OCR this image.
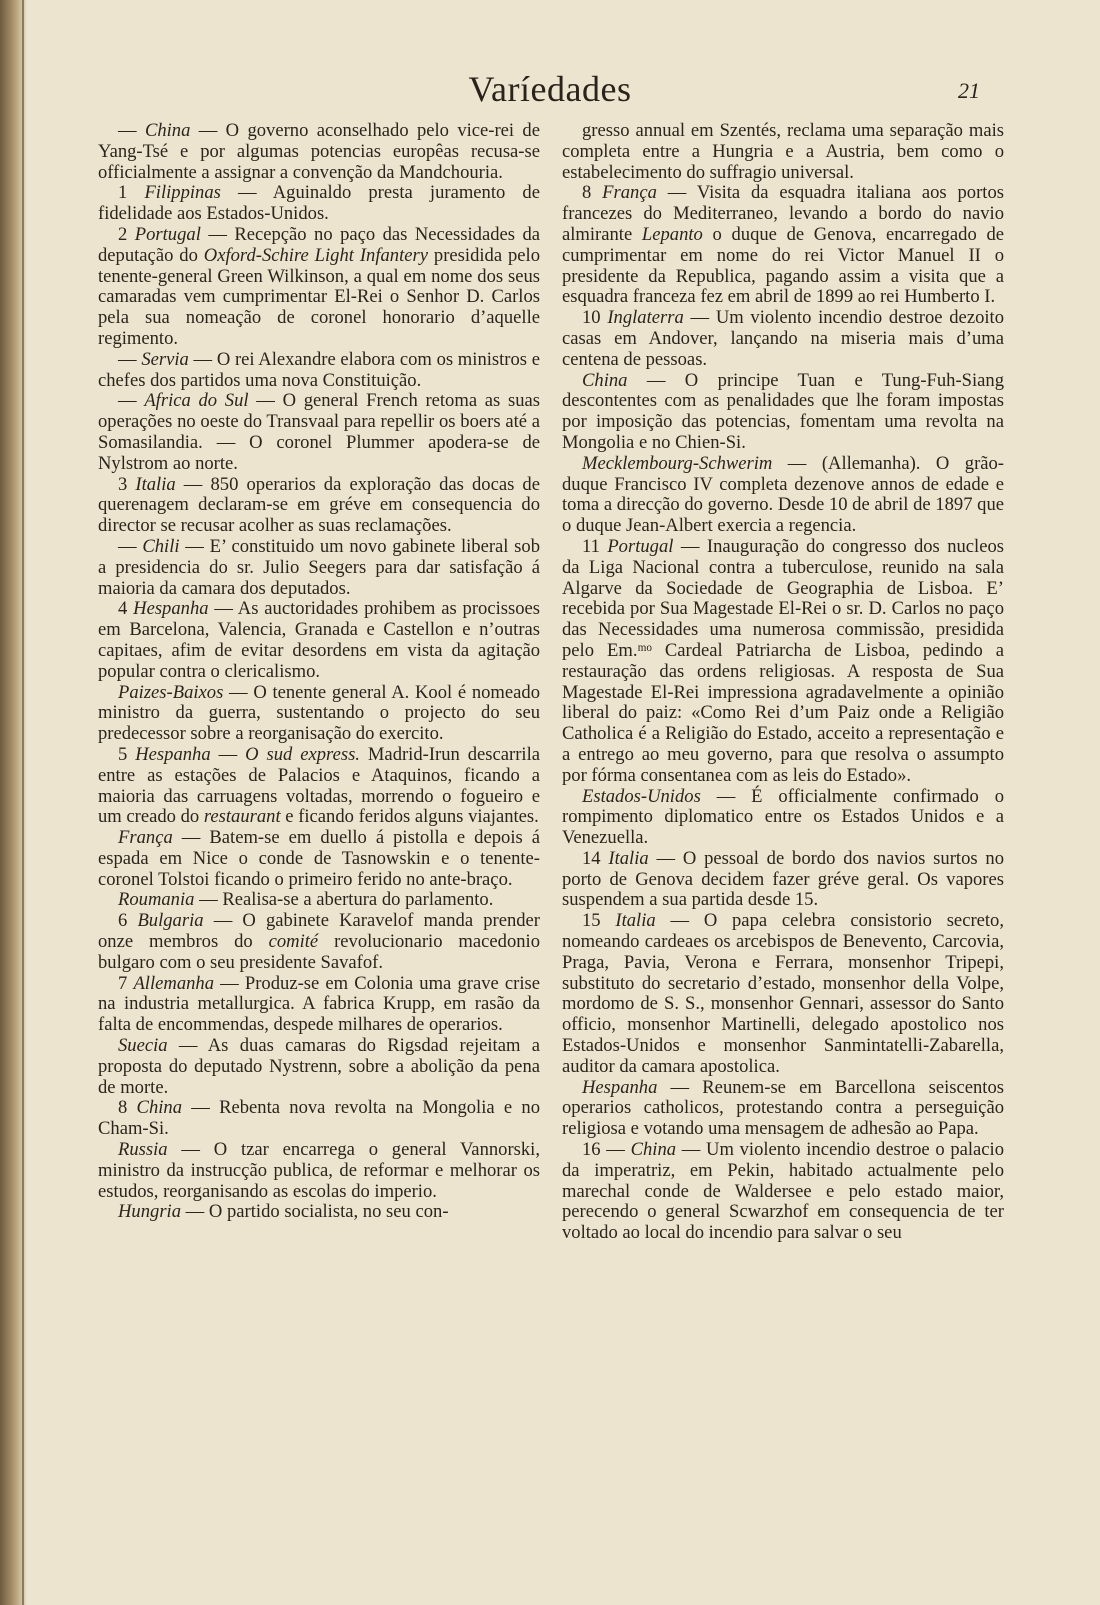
Varíedades	21

— China — O governo aconselhado pelo vice-rei de Yang-Tsé e por algumas potencias europêas recusa-se officialmente a assignar a convenção da Mandchouria.

1 Filippinas — Aguinaldo presta juramento de fidelidade aos Estados-Unidos.

2 Portugal — Recepção no paço das Necessidades da deputação do Oxford-Schire Light Infantery presidida pelo tenente-general Green Wilkinson, a qual em nome dos seus camaradas vem cumprimentar El-Rei o Senhor D. Carlos pela sua nomeação de coronel honorario d’aquelle regimento.

— Servia — O rei Alexandre elabora com os ministros e chefes dos partidos uma nova Constituição.

— Africa do Sul — O general French retoma as suas operações no oeste do Transvaal para repellir os boers até a Somasilandia. — O coronel Plummer apodera-se de Nylstrom ao norte.

3 Italia — 850 operarios da exploração das docas de querenagem declaram-se em gréve em consequencia do director se recusar acolher as suas reclamações.

— Chili — E’ constituido um novo gabinete liberal sob a presidencia do sr. Julio Seegers para dar satisfação á maioria da camara dos deputados.

4 Hespanha — As auctoridades prohibem as procissoes em Barcelona, Valencia, Granada e Castellon e n’outras capitaes, afim de evitar desordens em vista da agitação popular contra o clericalismo.

Paizes-Baixos — O tenente general A. Kool é nomeado ministro da guerra, sustentando o projecto do seu predecessor sobre a reorganisação do exercito.

5 Hespanha — O sud express. Madrid-Irun descarrila entre as estações de Palacios e Ataquinos, ficando a maioria das carruagens voltadas, morrendo o fogueiro e um creado do restaurant e ficando feridos alguns viajantes.

França — Batem-se em duello á pistolla e depois á espada em Nice o conde de Tasnowskin e o tenente-coronel Tolstoi ficando o primeiro ferido no ante-braço.

Roumania — Realisa-se a abertura do parlamento.

6 Bulgaria — O gabinete Karavelof manda prender onze membros do comité revolucionario macedonio bulgaro com o seu presidente Savafof.

7 Allemanha — Produz-se em Colonia uma grave crise na industria metallurgica. A fabrica Krupp, em rasão da falta de encommendas, despede milhares de operarios.

Suecia — As duas camaras do Rigsdad rejeitam a proposta do deputado Nystrenn, sobre a abolição da pena de morte.

8 China — Rebenta nova revolta na Mongolia e no Cham-Si.

Russia — O tzar encarrega o general Vannorski, ministro da instrucção publica, de reformar e melhorar os estudos, reorganisando as escolas do imperio.

Hungria — O partido socialista, no seu con-

gresso annual em Szentés, reclama uma separação mais completa entre a Hungria e a Austria, bem como o estabelecimento do suffragio universal.

8 França — Visita da esquadra italiana aos portos francezes do Mediterraneo, levando a bordo do navio almirante Lepanto o duque de Genova, encarregado de cumprimentar em nome do rei Victor Manuel II o presidente da Republica, pagando assim a visita que a esquadra franceza fez em abril de 1899 ao rei Humberto I.

10 Inglaterra — Um violento incendio destroe dezoito casas em Andover, lançando na miseria mais d’uma centena de pessoas.

China — O principe Tuan e Tung-Fuh-Siang descontentes com as penalidades que lhe foram impostas por imposição das potencias, fomentam uma revolta na Mongolia e no Chien-Si.

Mecklembourg-Schwerim — (Allemanha). O grão-duque Francisco IV completa dezenove annos de edade e toma a direcção do governo. Desde 10 de abril de 1897 que o duque Jean-Albert exercia a regencia.

11 Portugal — Inauguração do congresso dos nucleos da Liga Nacional contra a tuberculose, reunido na sala Algarve da Sociedade de Geographia de Lisboa. E’ recebida por Sua Magestade El-Rei o sr. D. Carlos no paço das Necessidades uma numerosa commissão, presidida pelo Em.ᵐᵒ Cardeal Patriarcha de Lisboa, pedindo a restauração das ordens religiosas. A resposta de Sua Magestade El-Rei impressiona agradavelmente a opinião liberal do paiz: «Como Rei d’um Paiz onde a Religião Catholica é a Religião do Estado, acceito a representação e a entrego ao meu governo, para que resolva o assumpto por fórma consentanea com as leis do Estado».

Estados-Unidos — É officialmente confirmado o rompimento diplomatico entre os Estados Unidos e a Venezuella.

14 Italia — O pessoal de bordo dos navios surtos no porto de Genova decidem fazer gréve geral. Os vapores suspendem a sua partida desde 15.

15 Italia — O papa celebra consistorio secreto, nomeando cardeaes os arcebispos de Benevento, Carcovia, Praga, Pavia, Verona e Ferrara, monsenhor Tripepi, substituto do secretario d’estado, monsenhor della Volpe, mordomo de S. S., monsenhor Gennari, assessor do Santo officio, monsenhor Martinelli, delegado apostolico nos Estados-Unidos e monsenhor Sanmintatelli-Zabarella, auditor da camara apostolica.

Hespanha — Reunem-se em Barcellona seiscentos operarios catholicos, protestando contra a perseguição religiosa e votando uma mensagem de adhesão ao Papa.

16 — China — Um violento incendio destroe o palacio da imperatriz, em Pekin, habitado actualmente pelo marechal conde de Waldersee e pelo estado maior, perecendo o general Scwarzhof em consequencia de ter voltado ao local do incendio para salvar o seu
